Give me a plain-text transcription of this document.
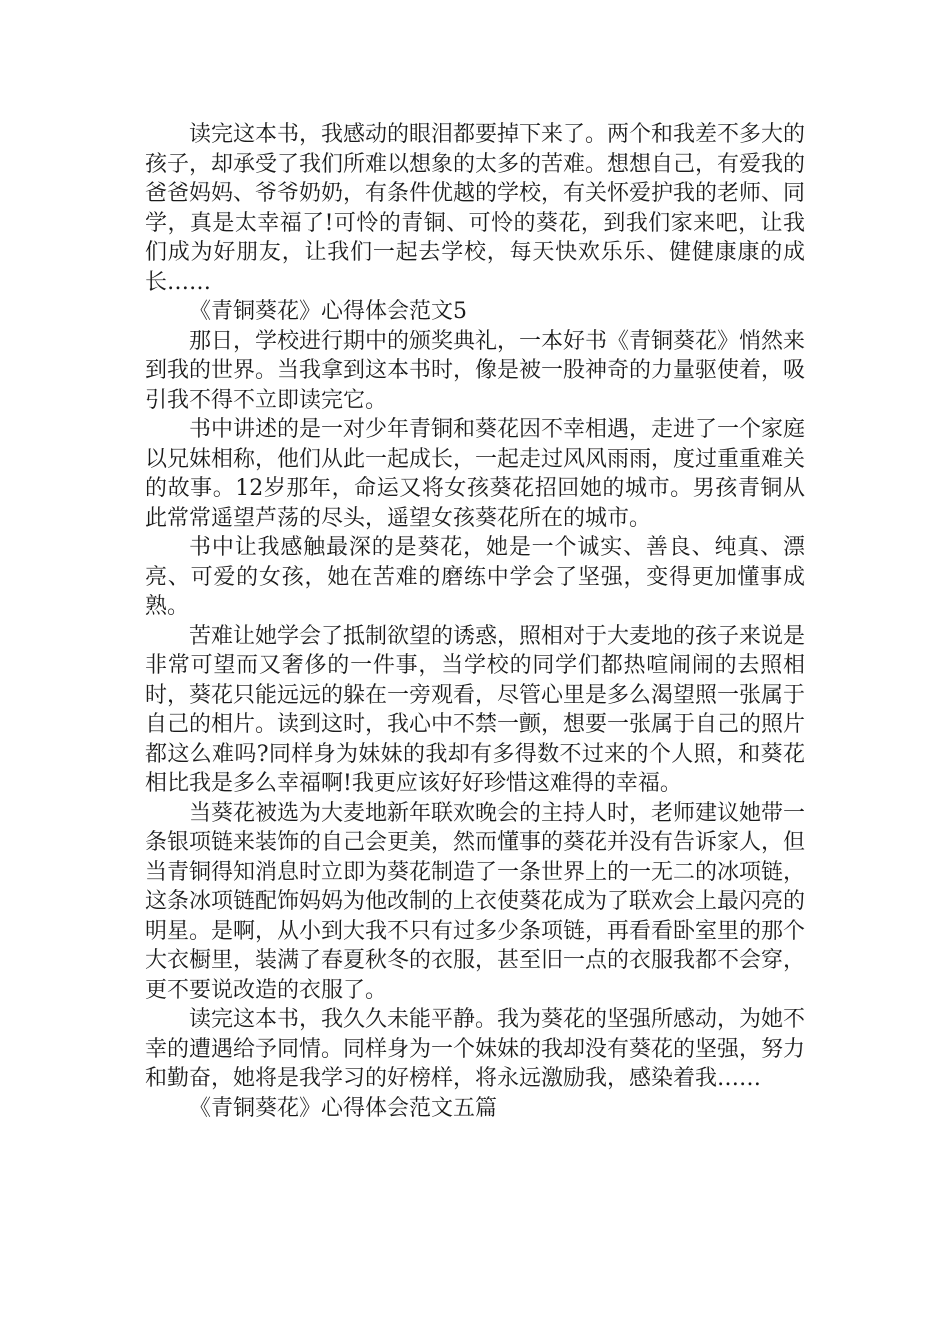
读完这本书，我感动的眼泪都要掉下来了。两个和我差不多大的孩子，却承受了我们所难以想象的太多的苦难。想想自己，有爱我的爸爸妈妈、爷爷奶奶，有条件优越的学校，有关怀爱护我的老师、同学，真是太幸福了!可怜的青铜、可怜的葵花，到我们家来吧，让我们成为好朋友，让我们一起去学校，每天快欢乐乐、健健康康的成长……

《青铜葵花》心得体会范文5

那日，学校进行期中的颁奖典礼，一本好书《青铜葵花》悄然来到我的世界。当我拿到这本书时，像是被一股神奇的力量驱使着，吸引我不得不立即读完它。

书中讲述的是一对少年青铜和葵花因不幸相遇，走进了一个家庭以兄妹相称，他们从此一起成长，一起走过风风雨雨，度过重重难关的故事。12岁那年，命运又将女孩葵花招回她的城市。男孩青铜从此常常遥望芦荡的尽头，遥望女孩葵花所在的城市。

书中让我感触最深的是葵花，她是一个诚实、善良、纯真、漂亮、可爱的女孩，她在苦难的磨练中学会了坚强，变得更加懂事成熟。

苦难让她学会了抵制欲望的诱惑，照相对于大麦地的孩子来说是非常可望而又奢侈的一件事，当学校的同学们都热喧闹闹的去照相时，葵花只能远远的躲在一旁观看，尽管心里是多么渴望照一张属于自己的相片。读到这时，我心中不禁一颤，想要一张属于自己的照片都这么难吗?同样身为妹妹的我却有多得数不过来的个人照，和葵花相比我是多么幸福啊!我更应该好好珍惜这难得的幸福。

当葵花被选为大麦地新年联欢晚会的主持人时，老师建议她带一条银项链来装饰的自己会更美，然而懂事的葵花并没有告诉家人，但当青铜得知消息时立即为葵花制造了一条世界上的一无二的冰项链，这条冰项链配饰妈妈为他改制的上衣使葵花成为了联欢会上最闪亮的明星。是啊，从小到大我不只有过多少条项链，再看看卧室里的那个大衣橱里，装满了春夏秋冬的衣服，甚至旧一点的衣服我都不会穿，更不要说改造的衣服了。

读完这本书，我久久未能平静。我为葵花的坚强所感动，为她不幸的遭遇给予同情。同样身为一个妹妹的我却没有葵花的坚强，努力和勤奋，她将是我学习的好榜样，将永远激励我，感染着我……

《青铜葵花》心得体会范文五篇
